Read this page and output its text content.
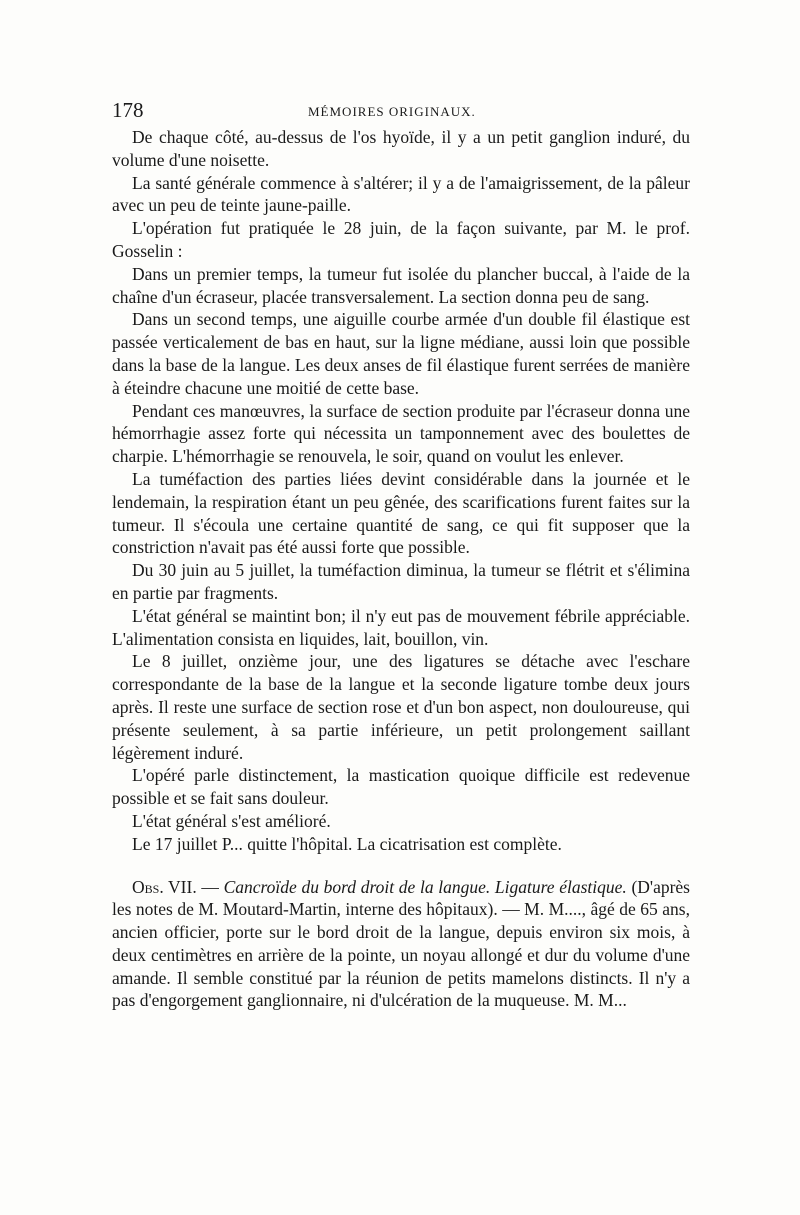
178	MÉMOIRES ORIGINAUX.

De chaque côté, au-dessus de l'os hyoïde, il y a un petit ganglion induré, du volume d'une noisette.

La santé générale commence à s'altérer; il y a de l'amaigrissement, de la pâleur avec un peu de teinte jaune-paille.

L'opération fut pratiquée le 28 juin, de la façon suivante, par M. le prof. Gosselin :

Dans un premier temps, la tumeur fut isolée du plancher buccal, à l'aide de la chaîne d'un écraseur, placée transversalement. La section donna peu de sang.

Dans un second temps, une aiguille courbe armée d'un double fil élastique est passée verticalement de bas en haut, sur la ligne médiane, aussi loin que possible dans la base de la langue. Les deux anses de fil élastique furent serrées de manière à éteindre chacune une moitié de cette base.

Pendant ces manœuvres, la surface de section produite par l'écraseur donna une hémorrhagie assez forte qui nécessita un tamponnement avec des boulettes de charpie. L'hémorrhagie se renouvela, le soir, quand on voulut les enlever.

La tuméfaction des parties liées devint considérable dans la journée et le lendemain, la respiration étant un peu gênée, des scarifications furent faites sur la tumeur. Il s'écoula une certaine quantité de sang, ce qui fit supposer que la constriction n'avait pas été aussi forte que possible.

Du 30 juin au 5 juillet, la tuméfaction diminua, la tumeur se flétrit et s'élimina en partie par fragments.

L'état général se maintint bon; il n'y eut pas de mouvement fébrile appréciable. L'alimentation consista en liquides, lait, bouillon, vin.

Le 8 juillet, onzième jour, une des ligatures se détache avec l'eschare correspondante de la base de la langue et la seconde ligature tombe deux jours après. Il reste une surface de section rose et d'un bon aspect, non douloureuse, qui présente seulement, à sa partie inférieure, un petit prolongement saillant légèrement induré.

L'opéré parle distinctement, la mastication quoique difficile est redevenue possible et se fait sans douleur.

L'état général s'est amélioré.

Le 17 juillet P... quitte l'hôpital. La cicatrisation est complète.

Obs. VII. — Cancroïde du bord droit de la langue. Ligature élastique. (D'après les notes de M. Moutard-Martin, interne des hôpitaux). — M. M...., âgé de 65 ans, ancien officier, porte sur le bord droit de la langue, depuis environ six mois, à deux centimètres en arrière de la pointe, un noyau allongé et dur du volume d'une amande. Il semble constitué par la réunion de petits mamelons distincts. Il n'y a pas d'engorgement ganglionnaire, ni d'ulcération de la muqueuse. M. M...
